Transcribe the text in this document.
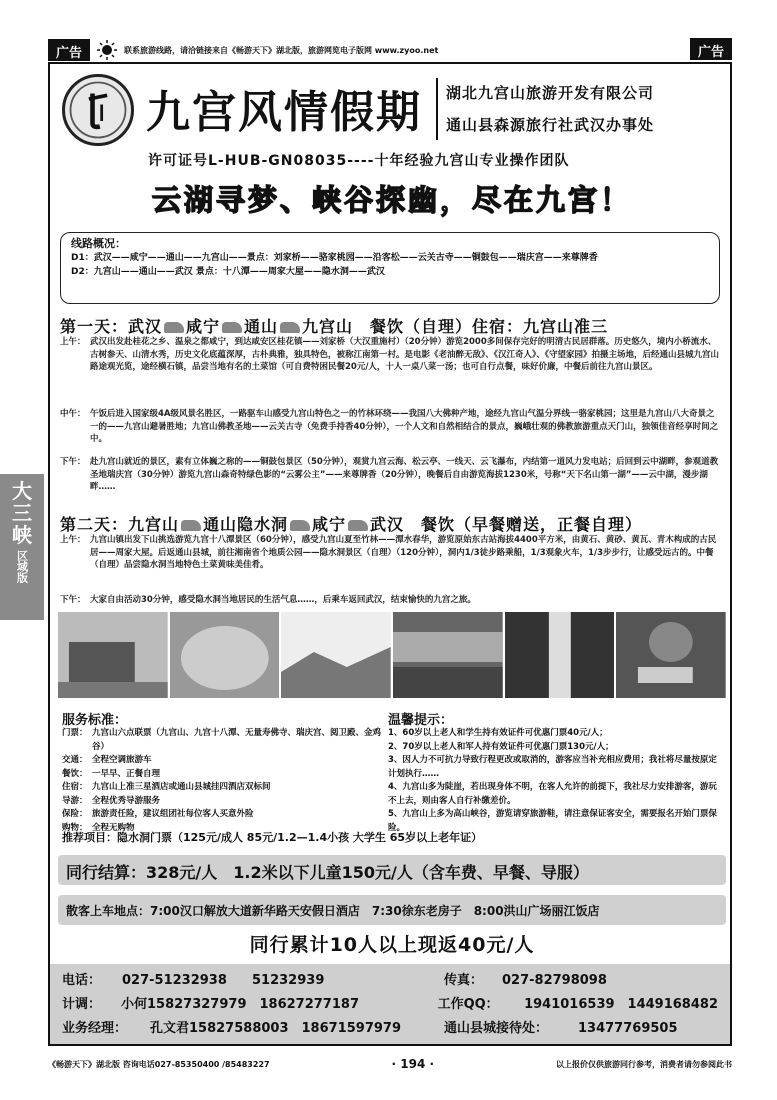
广告	联系旅游线路，请洽链接来自《畅游天下》湖北版，旅游网览电子版网 www.zyoo.net	广告
大
三
峡
区域版
九宫风情假期 湖北九宫山旅游开发有限公司
通山县森源旅行社武汉办事处
许可证号L-HUB-GN08035----十年经验九宫山专业操作团队
云湖寻梦、峡谷探幽，尽在九宫！
线路概况：
D1：武汉——咸宁——通山——九宫山——景点：刘家桥——骆家桃园——沿客松——云关古寺——铜鼓包——瑞庆宫——来尊牌香
D2：九宫山——通山——武汉 景点：十八潭——周家大屋——隐水洞——武汉
第一天：武汉 咸宁 通山 九宫山　餐饮（自理）住宿：九宫山准三
上午： 武汉出发赴桂花之乡、温泉之都咸宁，到达咸安区桂花镇——刘家桥（大汉重施村）（20分钟）游览2000多间保存完好的明清古民居群落。历史悠久，境内小桥流水、古树参天、山清水秀，历史文化底蕴深厚，古朴典雅，独具特色，被称江南第一村。是电影《老油醉无敌》、《汉江奇人》、《守望家园》拍摄主场地，后经通山县城九宫山路途观光览，途经横石镇，品尝当地有名的土菜馆（可自费特困民餐20元/人，十人一桌八菜一汤；也可自行点餐，味好价廉，中餐后前往九宫山景区。
中午： 午饭后进入国家级4A级风景名胜区，一路驱车山感受九宫山特色之一的竹林环绕——我国八大佛种产地，途经九宫山气温分界线一骆家桃园；这里是九宫山八大奇景之一的——九宫山避暑胜地；九宫山佛教圣地——云关古寺（免费手持香40分钟），一个人文和自然相结合的景点，巍峨壮观的佛教旅游重点天门山，独领佳音经享时间之中。
下午： 赴九宫山就近的景区，素有立体巍之称的——铜鼓包景区（50分钟），观赏九宫云海、松云亭、一线天、云飞瀑布，内结第一道风力发电站；后回到云中湖畔，参观道教圣地瑞庆宫（30分钟）游览九宫山森奇特绿色影的“云雾公主”——来尊牌香（20分钟），晚餐后自由游览海拔1230米，号称“天下名山第一湖”——云中湖，漫步湖畔……
第二天：九宫山 通山隐水洞 咸宁 武汉　餐饮（早餐赠送，正餐自理）
上午： 九宫山镇出发下山挑选游览九宫十八潭景区（60分钟），感受九宫山夏至竹林——潭水春华，游览原始东古站海拔4400平方米，由黄石、黄砂、黄瓦、青木构成的古民居——周家大屋。后返通山县城，前往湘南省个地质公园——隐水洞景区（自理）（120分钟），洞内1/3徒步路乘船，1/3观象火车，1/3步步行，让感受远古的。中餐（自理）品尝隐水洞当地特色土菜黄味美佳肴。
下午： 大家自由活动30分钟，感受隐水洞当地居民的生活气息……，后乘车返回武汉，结束愉快的九宫之旅。
服务标准：
门票： 九宫山六点联票（九宫山、九宫十八潭、无量寿佛寺、瑞庆宫、阅卫殿、金鸡谷）
交通： 全程空调旅游车
餐饮： 一早早、正餐自理
住宿： 九宫山上准三星酒店或通山县城挂四酒店双标间
导游： 全程优秀导游服务
保险： 旅游责任险，建议组团社每位客人买意外险
购物： 全程无购物
温馨提示：
1、60岁以上老人和学生持有效证件可优惠门票40元/人；
2、70岁以上老人和军人持有效证件可优惠门票130元/人；
3、因人力不可抗力导致行程更改或取消的，游客应当补充相应费用；我社将尽量按原定计划执行……
4、九宫山多为陡崖，若出现身体不明，在客人允许的前提下，我社尽力安排游客，游玩不上去，则由客人自行补缴差价。
5、九宫山上多为高山峡谷，游览请穿旅游鞋，请注意保证客安全，需要报名开始门票保险。
推荐项目：隐水洞门票（125元/成人 85元/1.2—1.4小孩 大学生 65岁以上老年证）
同行结算：328元/人　1.2米以下儿童150元/人（含车费、早餐、导服）
散客上车地点：7:00汉口解放大道新华路天安假日酒店　7:30徐东老房子　8:00洪山广场丽江饭店
同行累计10人以上现返40元/人
电话：	027-51232938	51232939	传真：	027-82798098
计调：	小何15827327979　18627277187	工作QQ：	1941016539　1449168482
业务经理：	孔文君15827588003　18671597979	通山县城接待处：	13477769505
《畅游天下》湖北版 咨询电话027-85350400 /85483227	· 194 ·	以上报价仅供旅游同行参考，消费者请勿参阅此书
